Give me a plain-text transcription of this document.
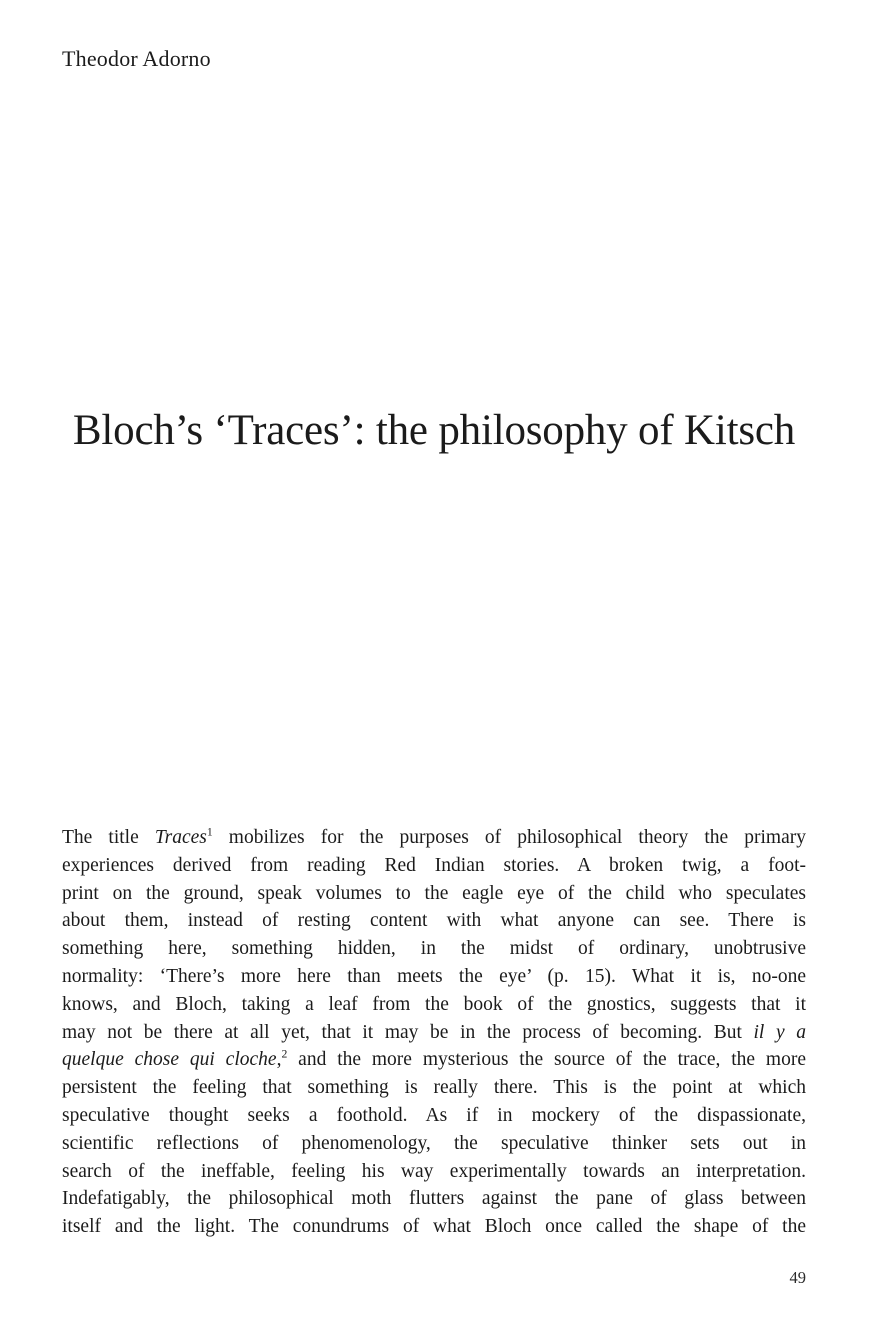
Theodor Adorno
Bloch’s ‘Traces’: the philosophy of Kitsch
The title Traces$^1$ mobilizes for the purposes of philosophical theory the primary
experiences derived from reading Red Indian stories. A broken twig, a foot-
print on the ground, speak volumes to the eagle eye of the child who speculates
about them, instead of resting content with what anyone can see. There is
something here, something hidden, in the midst of ordinary, unobtrusive
normality: ‘There’s more here than meets the eye’ (p. 15). What it is, no-one
knows, and Bloch, taking a leaf from the book of the gnostics, suggests that it
may not be there at all yet, that it may be in the process of becoming. But il y a
quelque chose qui cloche,$^2$ and the more mysterious the source of the trace, the more
persistent the feeling that something is really there. This is the point at which
speculative thought seeks a foothold. As if in mockery of the dispassionate,
scientific reflections of phenomenology, the speculative thinker sets out in
search of the ineffable, feeling his way experimentally towards an interpretation.
Indefatigably, the philosophical moth flutters against the pane of glass between
itself and the light. The conundrums of what Bloch once called the shape of the
49
